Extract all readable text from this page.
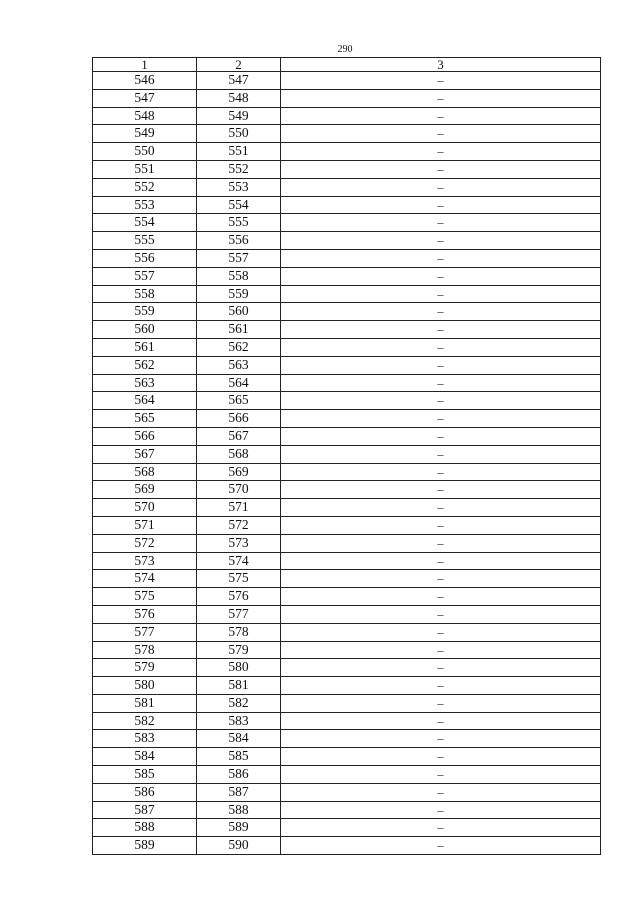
290
1	2	3
546	547	–
547	548	–
548	549	–
549	550	–
550	551	–
551	552	–
552	553	–
553	554	–
554	555	–
555	556	–
556	557	–
557	558	–
558	559	–
559	560	–
560	561	–
561	562	–
562	563	–
563	564	–
564	565	–
565	566	–
566	567	–
567	568	–
568	569	–
569	570	–
570	571	–
571	572	–
572	573	–
573	574	–
574	575	–
575	576	–
576	577	–
577	578	–
578	579	–
579	580	–
580	581	–
581	582	–
582	583	–
583	584	–
584	585	–
585	586	–
586	587	–
587	588	–
588	589	–
589	590	–
